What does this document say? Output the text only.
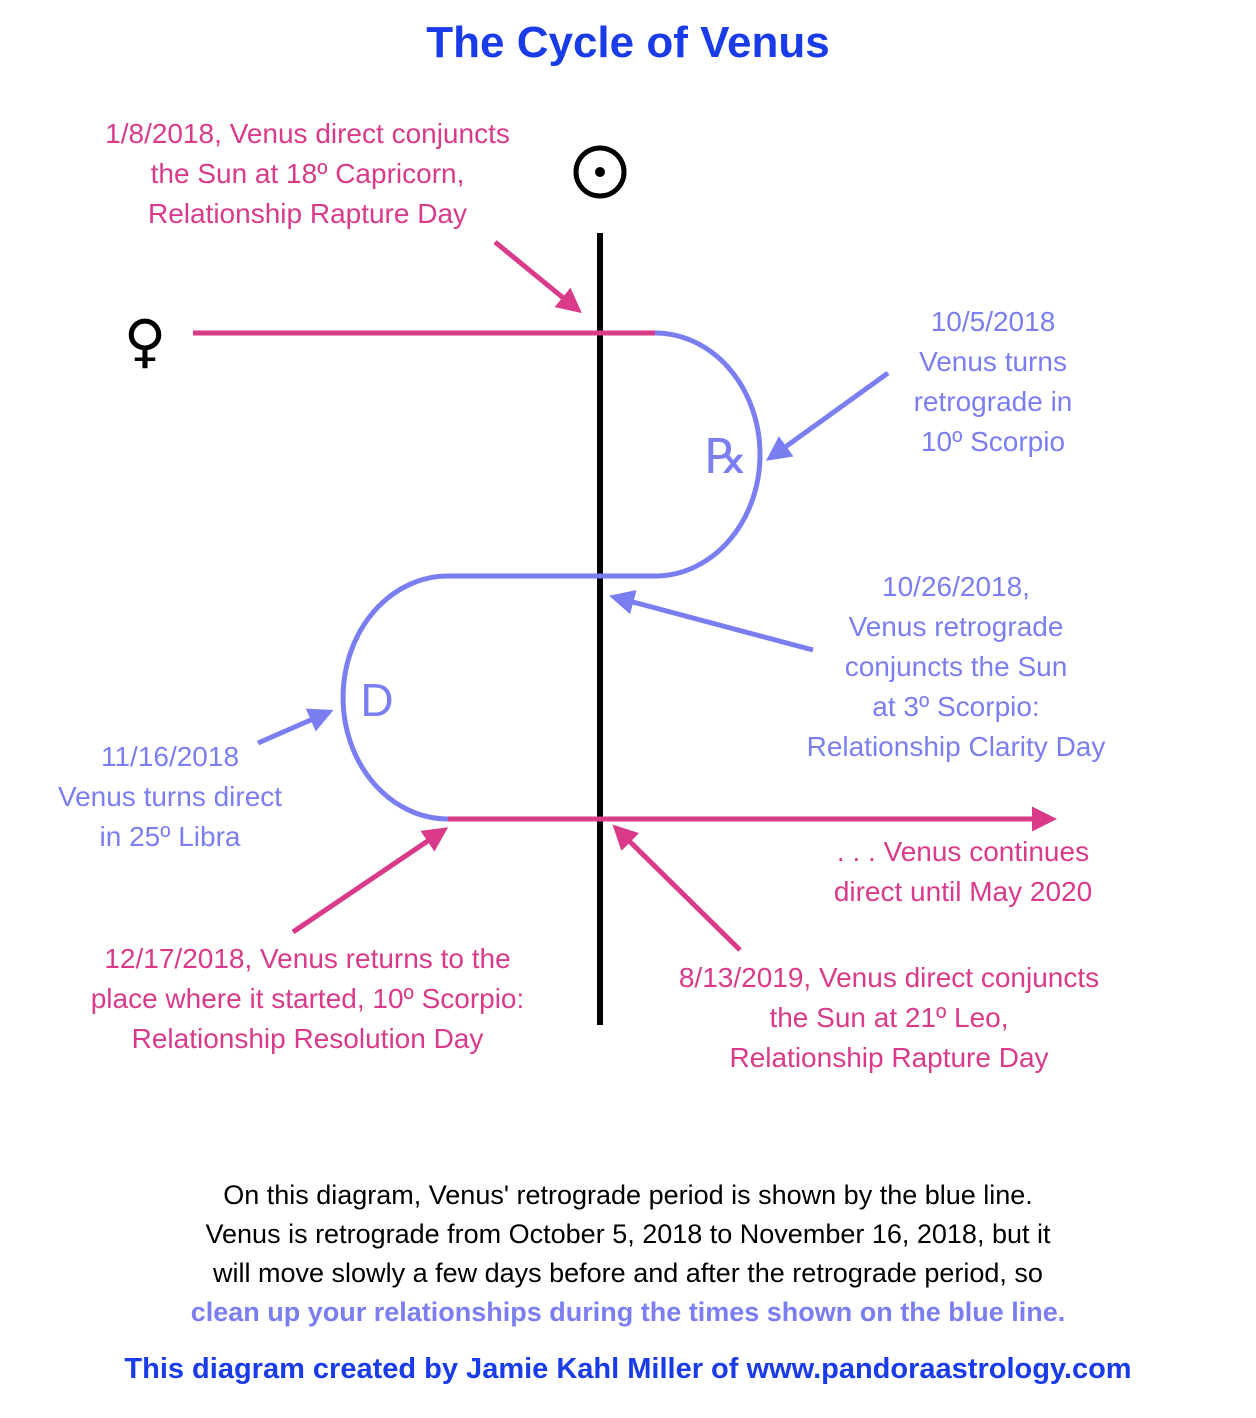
The Cycle of Venus
♀
℞
D
1/8/2018, Venus direct conjuncts
the Sun at 18º Capricorn,
Relationship Rapture Day
10/5/2018
Venus turns
retrograde in
10º Scorpio
10/26/2018,
Venus retrograde
conjuncts the Sun
at 3º Scorpio:
Relationship Clarity Day
11/16/2018
Venus turns direct
in 25º Libra	. . . Venus continues
direct until May 2020
12/17/2018, Venus returns to the
place where it started, 10º Scorpio:
Relationship Resolution Day
8/13/2019, Venus direct conjuncts
the Sun at 21º Leo,
Relationship Rapture Day
On this diagram, Venus' retrograde period is shown by the blue line.
Venus is retrograde from October 5, 2018 to November 16, 2018, but it
will move slowly a few days before and after the retrograde period, so
clean up your relationships during the times shown on the blue line.
This diagram created by Jamie Kahl Miller of www.pandoraastrology.com
